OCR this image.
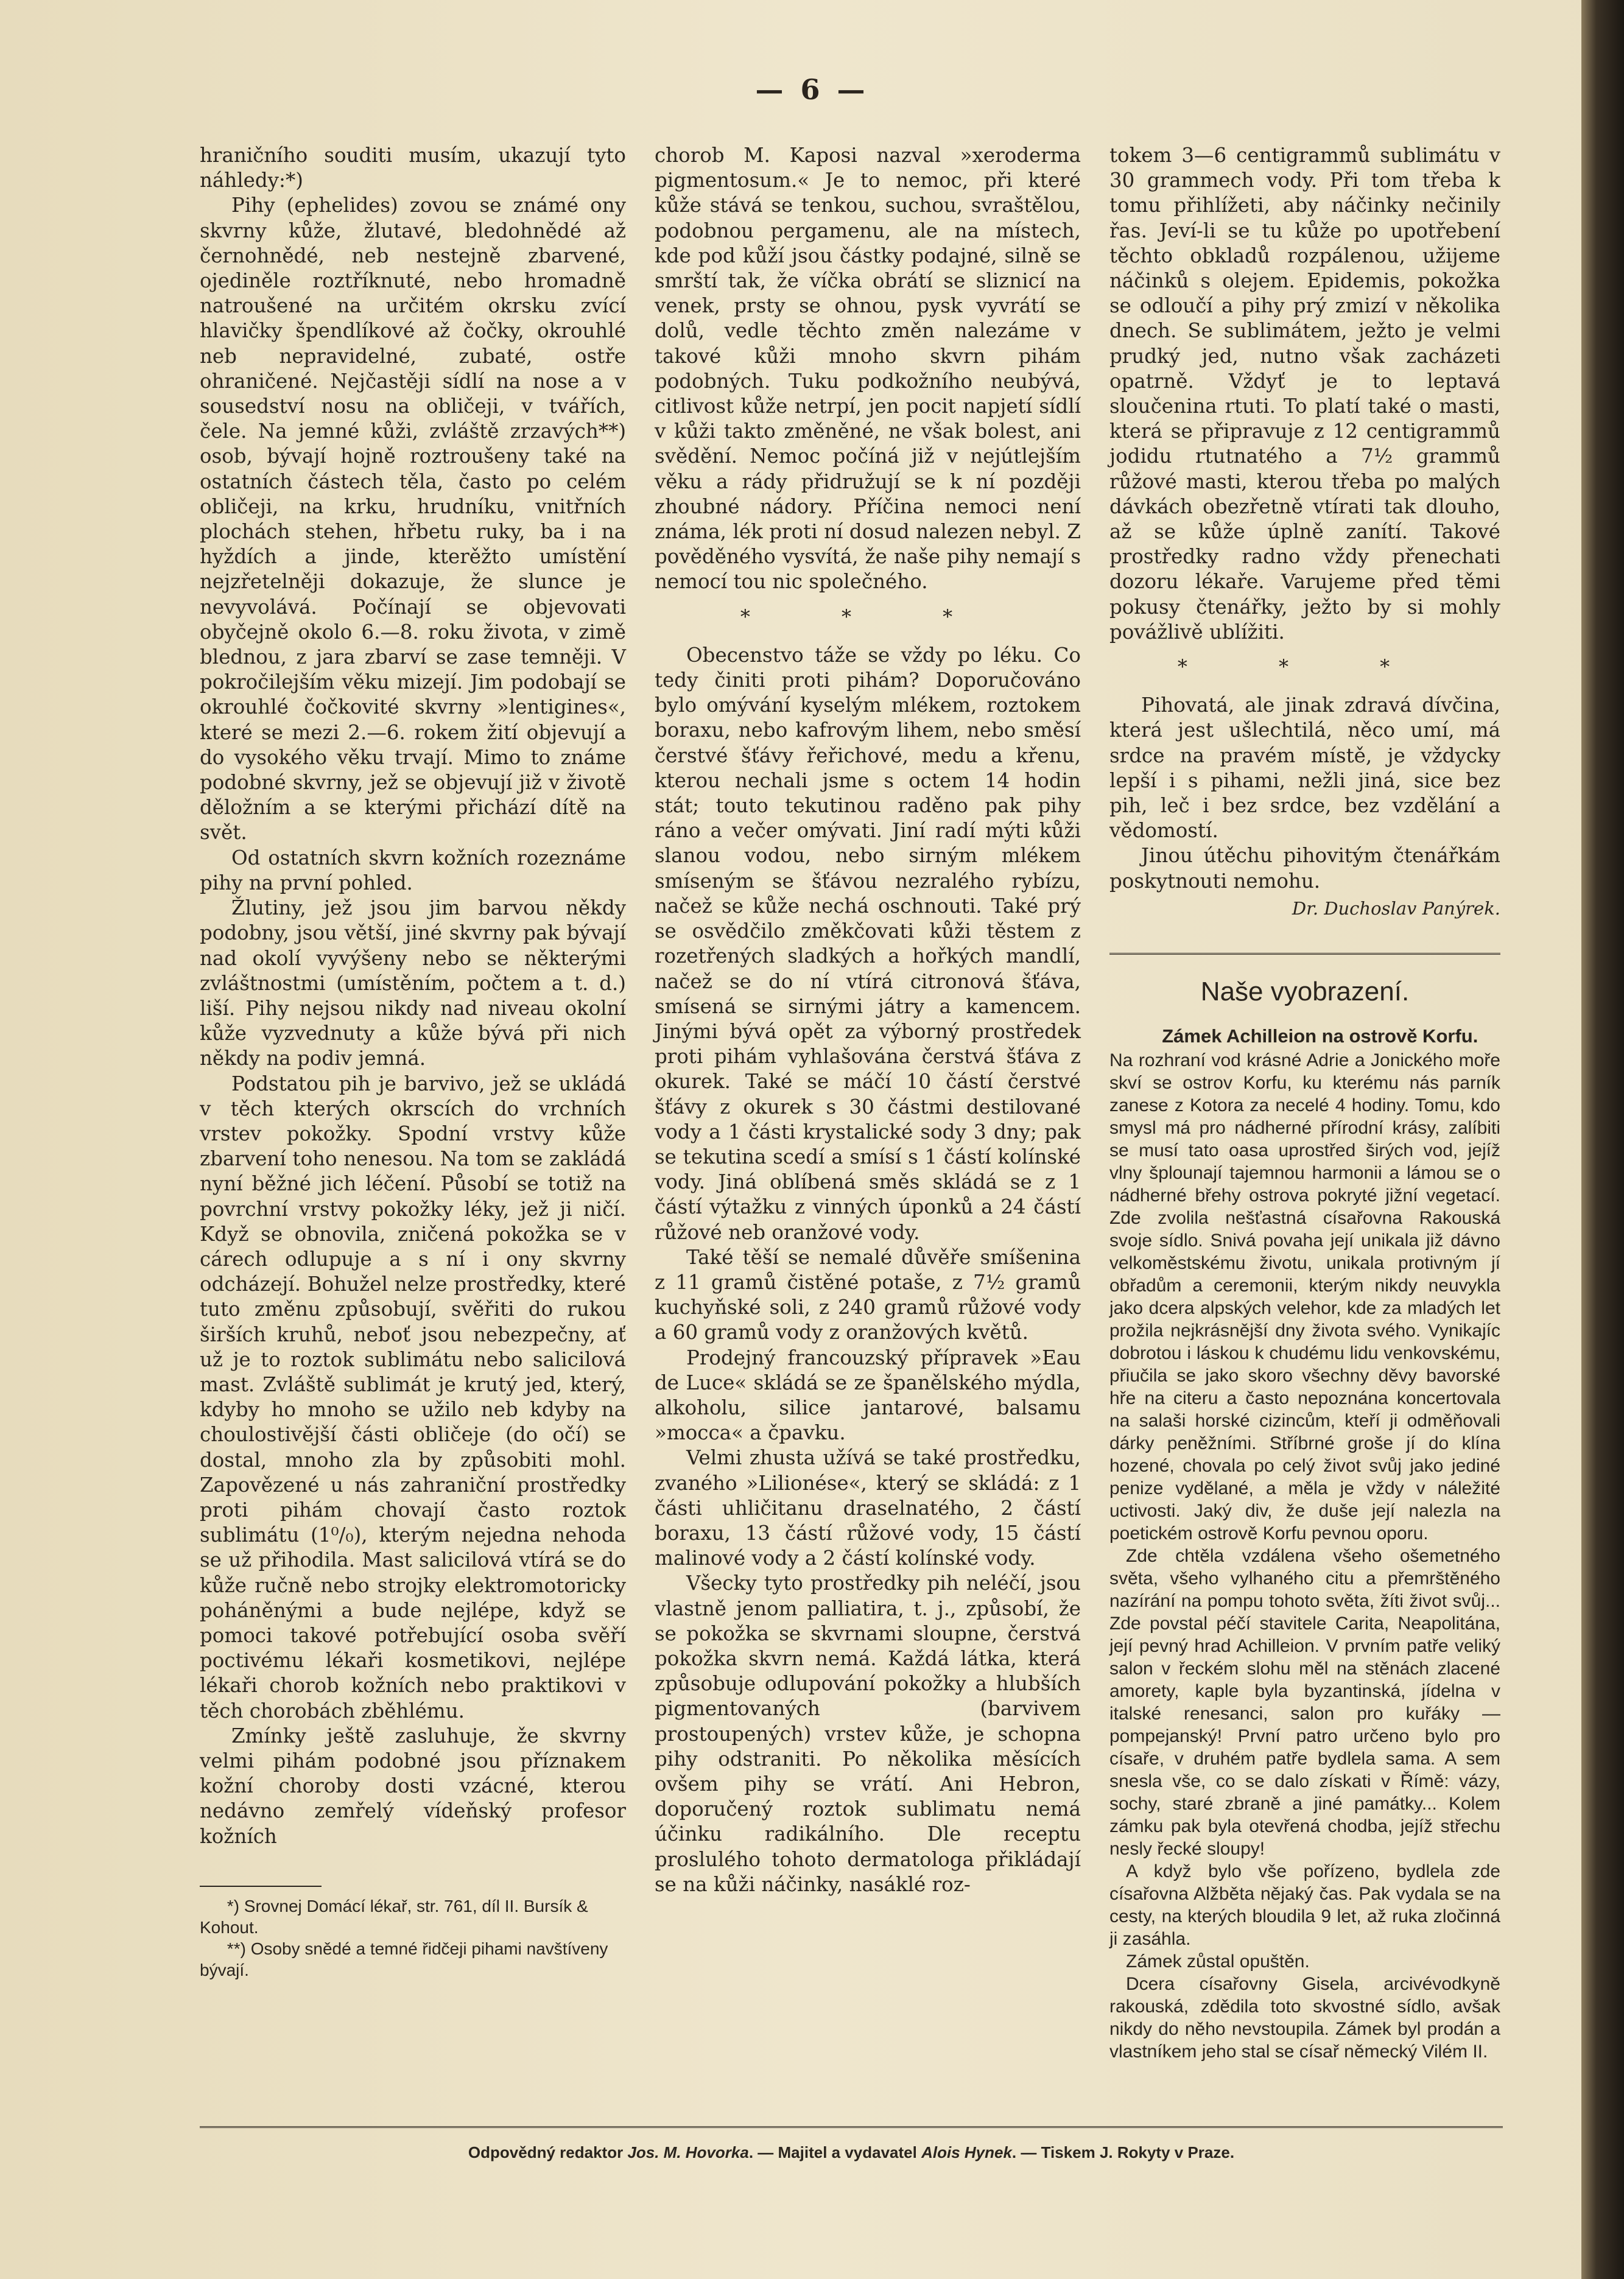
— 6 —

hraničního souditi musím, ukazují tyto náhledy:*)

Pihy (ephelides) zovou se známé ony skvrny kůže, žlutavé, bledohnědé až černohnědé, neb nestejně zbarvené, ojediněle roztříknuté, nebo hromadně natroušené na určitém okrsku zvící hlavičky špendlíkové až čočky, okrouhlé neb nepravidelné, zubaté, ostře ohraničené. Nejčastěji sídlí na nose a v sousedství nosu na obličeji, v tvářích, čele. Na jemné kůži, zvláště zrzavých**) osob, bývají hojně roztroušeny také na ostatních částech těla, často po celém obličeji, na krku, hrudníku, vnitřních plochách stehen, hřbetu ruky, ba i na hyždích a jinde, kterěžto umístění nejzřetelněji dokazuje, že slunce je nevyvolává. Počínají se objevovati obyčejně okolo 6.—8. roku života, v zimě blednou, z jara zbarví se zase temněji. V pokročilejším věku mizejí. Jim podobají se okrouhlé čočkovité skvrny »lentigines«, které se mezi 2.—6. rokem žití objevují a do vysokého věku trvají. Mimo to známe podobné skvrny, jež se objevují již v životě děložním a se kterými přichází dítě na svět.

Od ostatních skvrn kožních rozeznáme pihy na první pohled.

Žlutiny, jež jsou jim barvou někdy podobny, jsou větší, jiné skvrny pak bývají nad okolí vyvýšeny nebo se některými zvláštnostmi (umístěním, počtem a t. d.) liší. Pihy nejsou nikdy nad niveau okolní kůže vyzvednuty a kůže bývá při nich někdy na podiv jemná.

Podstatou pih je barvivo, jež se ukládá v těch kterých okrscích do vrchních vrstev pokožky. Spodní vrstvy kůže zbarvení toho nenesou. Na tom se zakládá nyní běžné jich léčení. Působí se totiž na povrchní vrstvy pokožky léky, jež ji ničí. Když se obnovila, zničená pokožka se v cárech odlupuje a s ní i ony skvrny odcházejí. Bohužel nelze prostředky, které tuto změnu způsobují, svěřiti do rukou širších kruhů, neboť jsou nebezpečny, ať už je to roztok sublimátu nebo salicilová mast. Zvláště sublimát je krutý jed, který, kdyby ho mnoho se užilo neb kdyby na choulostivější části obličeje (do očí) se dostal, mnoho zla by způsobiti mohl. Zapovězené u nás zahraniční prostředky proti pihám chovají často roztok sublimátu (1⁰/₀), kterým nejedna nehoda se už přihodila. Mast salicilová vtírá se do kůže ručně nebo strojky elektromotoricky poháněnými a bude nejlépe, když se pomoci takové potřebující osoba svěří poctivému lékaři kosmetikovi, nejlépe lékaři chorob kožních nebo praktikovi v těch chorobách zběhlému.

Zmínky ještě zasluhuje, že skvrny velmi pihám podobné jsou příznakem kožní choroby dosti vzácné, kterou nedávno zemřelý vídeňský profesor kožních

*) Srovnej Domácí lékař, str. 761, díl II. Bursík & Kohout.

**) Osoby snědé a temné řidčeji pihami navštíveny bývají.

chorob M. Kaposi nazval »xeroderma pigmentosum.« Je to nemoc, při které kůže stává se tenkou, suchou, svraštělou, podobnou pergamenu, ale na místech, kde pod kůží jsou částky podajné, silně se smrští tak, že víčka obrátí se sliznicí na venek, prsty se ohnou, pysk vyvrátí se dolů, vedle těchto změn nalezáme v takové kůži mnoho skvrn pihám podobných. Tuku podkožního neubývá, citlivost kůže netrpí, jen pocit napjetí sídlí v kůži takto změněné, ne však bolest, ani svědění. Nemoc počíná již v nejútlejším věku a rády přidružují se k ní později zhoubné nádory. Příčina nemoci není známa, lék proti ní dosud nalezen nebyl. Z pověděného vysvítá, že naše pihy nemají s nemocí tou nic společného.

* * *

Obecenstvo táže se vždy po léku. Co tedy činiti proti pihám? Doporučováno bylo omývání kyselým mlékem, roztokem boraxu, nebo kafrovým lihem, nebo směsí čerstvé šťávy řeřichové, medu a křenu, kterou nechali jsme s octem 14 hodin stát; touto tekutinou raděno pak pihy ráno a večer omývati. Jiní radí mýti kůži slanou vodou, nebo sirným mlékem smíseným se šťávou nezralého rybízu, načež se kůže nechá oschnouti. Také prý se osvědčilo změkčovati kůži těstem z rozetřených sladkých a hořkých mandlí, načež se do ní vtírá citronová šťáva, smísená se sirnými játry a kamencem. Jinými bývá opět za výborný prostředek proti pihám vyhlašována čerstvá šťáva z okurek. Také se máčí 10 částí čerstvé šťávy z okurek s 30 částmi destilované vody a 1 části krystalické sody 3 dny; pak se tekutina scedí a smísí s 1 částí kolínské vody. Jiná oblíbená směs skládá se z 1 částí výtažku z vinných úponků a 24 částí růžové neb oranžové vody.

Také těší se nemalé důvěře smíšenina z 11 gramů čistěné potaše, z 7½ gramů kuchyňské soli, z 240 gramů růžové vody a 60 gramů vody z oranžových květů.

Prodejný francouzský přípravek »Eau de Luce« skládá se ze španělského mýdla, alkoholu, silice jantarové, balsamu »mocca« a čpavku.

Velmi zhusta užívá se také prostředku, zvaného »Lilionése«, který se skládá: z 1 části uhličitanu draselnatého, 2 částí boraxu, 13 částí růžové vody, 15 částí malinové vody a 2 částí kolínské vody.

Všecky tyto prostředky pih neléčí, jsou vlastně jenom palliatira, t. j., způsobí, že se pokožka se skvrnami sloupne, čerstvá pokožka skvrn nemá. Každá látka, která způsobuje odlupování pokožky a hlubších pigmentovaných (barvivem prostoupených) vrstev kůže, je schopna pihy odstraniti. Po několika měsících ovšem pihy se vrátí. Ani Hebron, doporučený roztok sublimatu nemá účinku radikálního. Dle receptu proslulého tohoto dermatologa přikládají se na kůži náčinky, nasáklé roz-

tokem 3—6 centigrammů sublimátu v 30 grammech vody. Při tom třeba k tomu přihlížeti, aby náčinky nečinily řas. Jeví-li se tu kůže po upotřebení těchto obkladů rozpálenou, užijeme náčinků s olejem. Epidemis, pokožka se odloučí a pihy prý zmizí v několika dnech. Se sublimátem, ježto je velmi prudký jed, nutno však zacházeti opatrně. Vždyť je to leptavá sloučenina rtuti. To platí také o masti, která se připravuje z 12 centigrammů jodidu rtutnatého a 7½ grammů růžové masti, kterou třeba po malých dávkách obezřetně vtírati tak dlouho, až se kůže úplně zanítí. Takové prostředky radno vždy přenechati dozoru lékaře. Varujeme před těmi pokusy čtenářky, ježto by si mohly povážlivě ublížiti.

* * *

Pihovatá, ale jinak zdravá dívčina, která jest ušlechtilá, něco umí, má srdce na pravém místě, je vždycky lepší i s pihami, nežli jiná, sice bez pih, leč i bez srdce, bez vzdělání a vědomostí.

Jinou útěchu pihovitým čtenářkám poskytnouti nemohu.

Dr. Duchoslav Panýrek.
Naše vyobrazení.

Zámek Achilleion na ostrově Korfu.

Na rozhraní vod krásné Adrie a Jonického moře skví se ostrov Korfu, ku kterému nás parník zanese z Kotora za necelé 4 hodiny. Tomu, kdo smysl má pro nádherné přírodní krásy, zalíbiti se musí tato oasa uprostřed širých vod, jejíž vlny šplounají tajemnou harmonii a lámou se o nádherné břehy ostrova pokryté jižní vegetací. Zde zvolila nešťastná císařovna Rakouská svoje sídlo. Snivá povaha její unikala již dávno velkoměstskému životu, unikala protivným jí obřadům a ceremonii, kterým nikdy neuvykla jako dcera alpských velehor, kde za mladých let prožila nejkrásnější dny života svého. Vynikajíc dobrotou i láskou k chudému lidu venkovskému, přiučila se jako skoro všechny děvy bavorské hře na citeru a často nepoznána koncertovala na salaši horské cizincům, kteří ji odměňovali dárky peněžními. Stříbrné groše jí do klína hozené, chovala po celý život svůj jako jediné penize vydělané, a měla je vždy v náležité uctivosti. Jaký div, že duše její nalezla na poetickém ostrově Korfu pevnou oporu.

Zde chtěla vzdálena všeho ošemetného světa, všeho vylhaného citu a přemrštěného nazírání na pompu tohoto světa, žíti život svůj... Zde povstal péčí stavitele Carita, Neapolitána, její pevný hrad Achilleion. V prvním patře veliký salon v řeckém slohu měl na stěnách zlacené amorety, kaple byla byzantinská, jídelna v italské renesanci, salon pro kuřáky — pompejanský! První patro určeno bylo pro císaře, v druhém patře bydlela sama. A sem snesla vše, co se dalo získati v Římě: vázy, sochy, staré zbraně a jiné památky... Kolem zámku pak byla otevřená chodba, jejíž střechu nesly řecké sloupy!

A když bylo vše pořízeno, bydlela zde císařovna Alžběta nějaký čas. Pak vydala se na cesty, na kterých bloudila 9 let, až ruka zločinná ji zasáhla.

Zámek zůstal opuštěn.

Dcera císařovny Gisela, arcivévodkyně rakouská, zdědila toto skvostné sídlo, avšak nikdy do něho nevstoupila. Zámek byl prodán a vlastníkem jeho stal se císař německý Vilém II.

Odpovědný redaktor Jos. M. Hovorka. — Majitel a vydavatel Alois Hynek. — Tiskem J. Rokyty v Praze.
